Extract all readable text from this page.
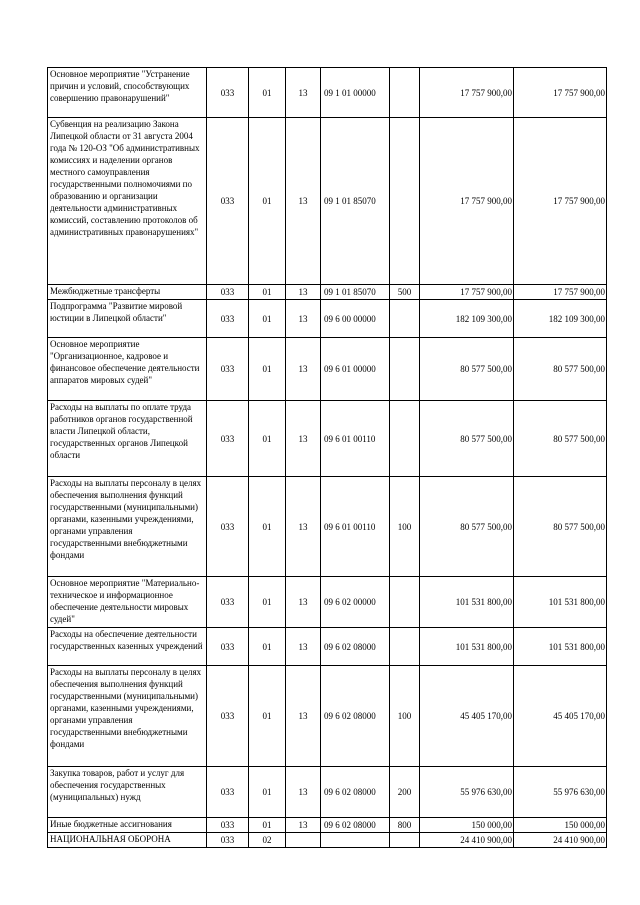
Основное мероприятие "Устранение причин и условий, способствующих совершению правонарушений"	033	01	13	09 1 01 00000		17 757 900,00	17 757 900,00
Субвенция на реализацию Закона Липецкой области от 31 августа 2004 года № 120-ОЗ "Об административных комиссиях и наделении органов местного самоуправления государственными полномочиями по образованию и организации деятельности административных комиссий, составлению протоколов об административных правонарушениях"	033	01	13	09 1 01 85070		17 757 900,00	17 757 900,00
Межбюджетные трансферты	033	01	13	09 1 01 85070	500	17 757 900,00	17 757 900,00
Подпрограмма "Развитие мировой юстиции в Липецкой области"	033	01	13	09 6 00 00000		182 109 300,00	182 109 300,00
Основное мероприятие "Организационное, кадровое и финансовое обеспечение деятельности аппаратов мировых судей"	033	01	13	09 6 01 00000		80 577 500,00	80 577 500,00
Расходы на выплаты по оплате труда работников органов государственной власти Липецкой области, государственных органов Липецкой области	033	01	13	09 6 01 00110		80 577 500,00	80 577 500,00
Расходы на выплаты персоналу в целях обеспечения выполнения функций государственными (муниципальными) органами, казенными учреждениями, органами управления государственными внебюджетными фондами	033	01	13	09 6 01 00110	100	80 577 500,00	80 577 500,00
Основное мероприятие "Материально-техническое и информационное обеспечение деятельности мировых судей"	033	01	13	09 6 02 00000		101 531 800,00	101 531 800,00
Расходы на обеспечение деятельности государственных казенных учреждений	033	01	13	09 6 02 08000		101 531 800,00	101 531 800,00
Расходы на выплаты персоналу в целях обеспечения выполнения функций государственными (муниципальными) органами, казенными учреждениями, органами управления государственными внебюджетными фондами	033	01	13	09 6 02 08000	100	45 405 170,00	45 405 170,00
Закупка товаров, работ и услуг для обеспечения государственных (муниципальных) нужд	033	01	13	09 6 02 08000	200	55 976 630,00	55 976 630,00
Иные бюджетные ассигнования	033	01	13	09 6 02 08000	800	150 000,00	150 000,00
НАЦИОНАЛЬНАЯ ОБОРОНА	033	02				24 410 900,00	24 410 900,00
